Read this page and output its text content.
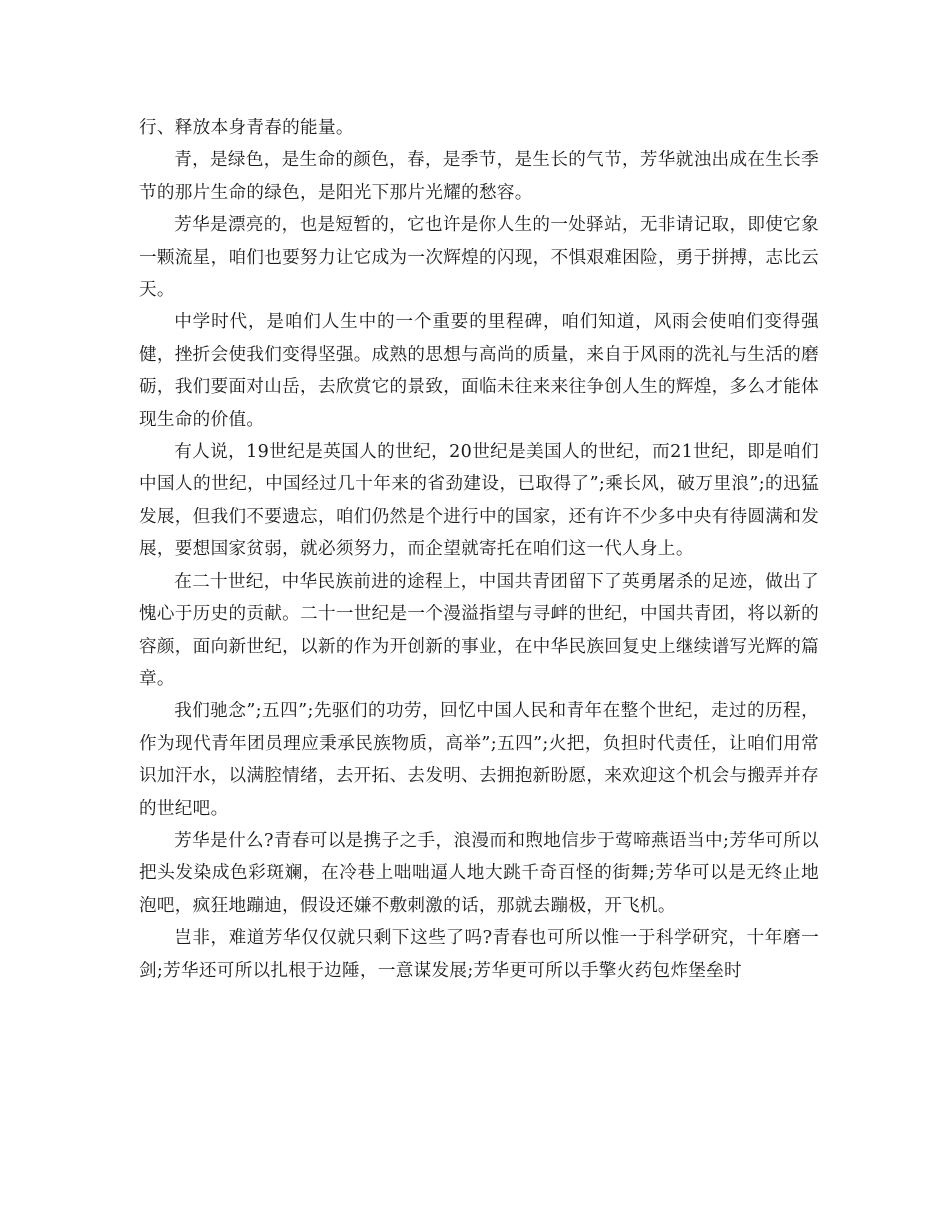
行、释放本身青春的能量。

青，是绿色，是生命的颜色，春，是季节，是生长的气节，芳华就浊出成在生长季节的那片生命的绿色，是阳光下那片光耀的愁容。

芳华是漂亮的，也是短暂的，它也许是你人生的一处驿站，无非请记取，即使它象一颗流星，咱们也要努力让它成为一次辉煌的闪现，不惧艰难困险，勇于拼搏，志比云天。

中学时代，是咱们人生中的一个重要的里程碑，咱们知道，风雨会使咱们变得强健，挫折会使我们变得坚强。成熟的思想与高尚的质量，来自于风雨的洗礼与生活的磨砺，我们要面对山岳，去欣赏它的景致，面临未往来来往争创人生的辉煌，多么才能体现生命的价值。

有人说，19世纪是英国人的世纪，20世纪是美国人的世纪，而21世纪，即是咱们中国人的世纪，中国经过几十年来的省劲建设，已取得了”;乘长风，破万里浪”;的迅猛发展，但我们不要遗忘，咱们仍然是个进行中的国家，还有许不少多中央有待圆满和发展，要想国家贫弱，就必须努力，而企望就寄托在咱们这一代人身上。

在二十世纪，中华民族前进的途程上，中国共青团留下了英勇屠杀的足迹，做出了愧心于历史的贡献。二十一世纪是一个漫溢指望与寻衅的世纪，中国共青团，将以新的容颜，面向新世纪，以新的作为开创新的事业，在中华民族回复史上继续谱写光辉的篇章。

我们驰念”;五四”;先驱们的功劳，回忆中国人民和青年在整个世纪，走过的历程，作为现代青年团员理应秉承民族物质，高举”;五四”;火把，负担时代责任，让咱们用常识加汗水，以满腔情绪，去开拓、去发明、去拥抱新盼愿，来欢迎这个机会与搬弄并存的世纪吧。

芳华是什么?青春可以是携子之手，浪漫而和煦地信步于莺啼燕语当中;芳华可所以把头发染成色彩斑斓，在冷巷上咄咄逼人地大跳千奇百怪的街舞;芳华可以是无终止地泡吧，疯狂地蹦迪，假设还嫌不敷刺激的话，那就去蹦极，开飞机。

岂非，难道芳华仅仅就只剩下这些了吗?青春也可所以惟一于科学研究，十年磨一剑;芳华还可所以扎根于边陲，一意谋发展;芳华更可所以手擎火药包炸堡垒时
